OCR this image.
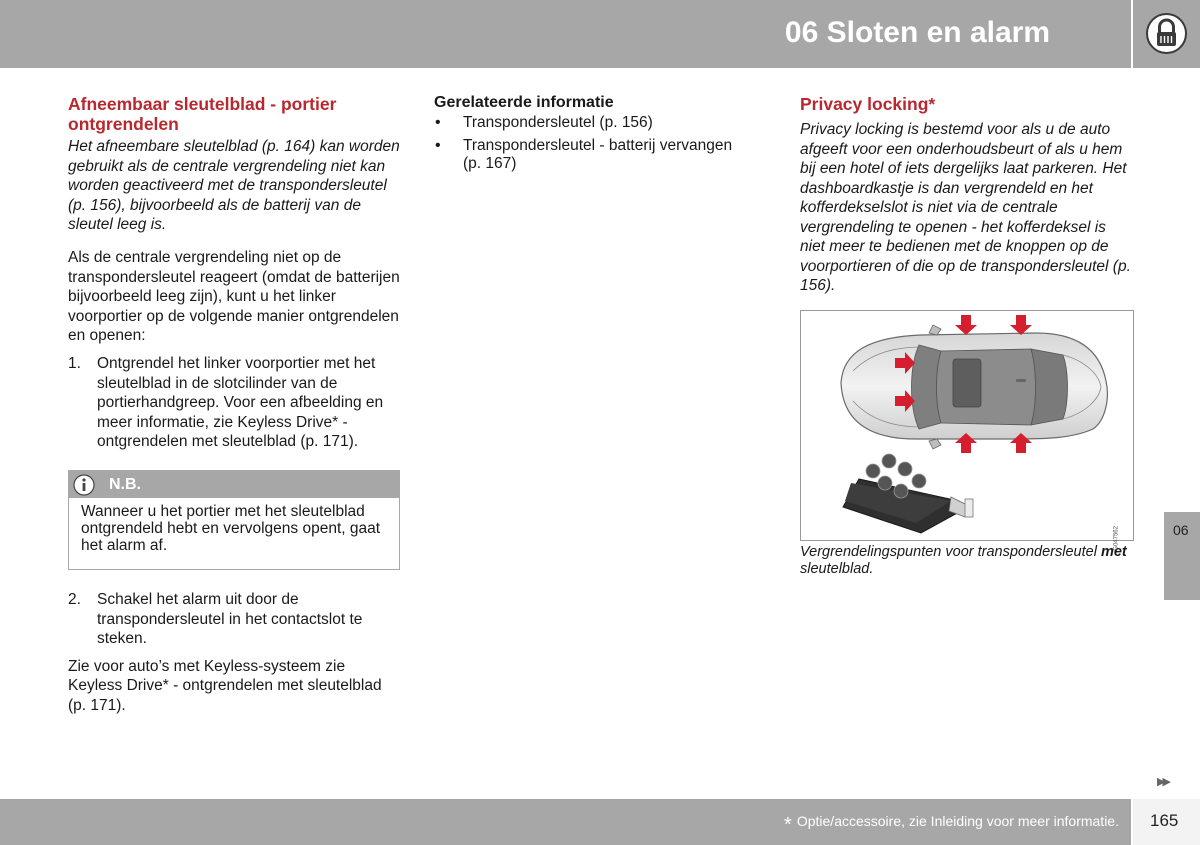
06 Sloten en alarm
Afneembaar sleutelblad - portier ontgrendelen

Het afneembare sleutelblad (p. 164) kan worden gebruikt als de centrale vergrendeling niet kan worden geactiveerd met de transpondersleutel (p. 156), bijvoorbeeld als de batterij van de sleutel leeg is.

Als de centrale vergrendeling niet op de transpondersleutel reageert (omdat de batterijen bijvoorbeeld leeg zijn), kunt u het linker voorportier op de volgende manier ontgrendelen en openen:

1. Ontgrendel het linker voorportier met het sleutelblad in de slotcilinder van de portierhandgreep. Voor een afbeelding en meer informatie, zie Keyless Drive* - ontgrendelen met sleutelblad (p. 171).
N.B.
Wanneer u het portier met het sleutelblad ontgrendeld hebt en vervolgens opent, gaat het alarm af.
2. Schakel het alarm uit door de transpondersleutel in het contactslot te steken.

Zie voor auto’s met Keyless-systeem zie Keyless Drive* - ontgrendelen met sleutelblad (p. 171).

Gerelateerde informatie
• Transpondersleutel (p. 156)
• Transpondersleutel - batterij vervangen (p. 167)
Privacy locking*

Privacy locking is bestemd voor als u de auto afgeeft voor een onderhoudsbeurt of als u hem bij een hotel of iets dergelijks laat parkeren. Het dashboardkastje is dan vergrendeld en het kofferdekselslot is niet via de centrale vergrendeling te openen - het kofferdeksel is niet meer te bedienen met de knoppen op de voorportieren of die op de transpondersleutel (p. 156).

G047562

Vergrendelingspunten voor transpondersleutel met sleutelblad.

06
▶▶
* Optie/accessoire, zie Inleiding voor meer informatie. 165
